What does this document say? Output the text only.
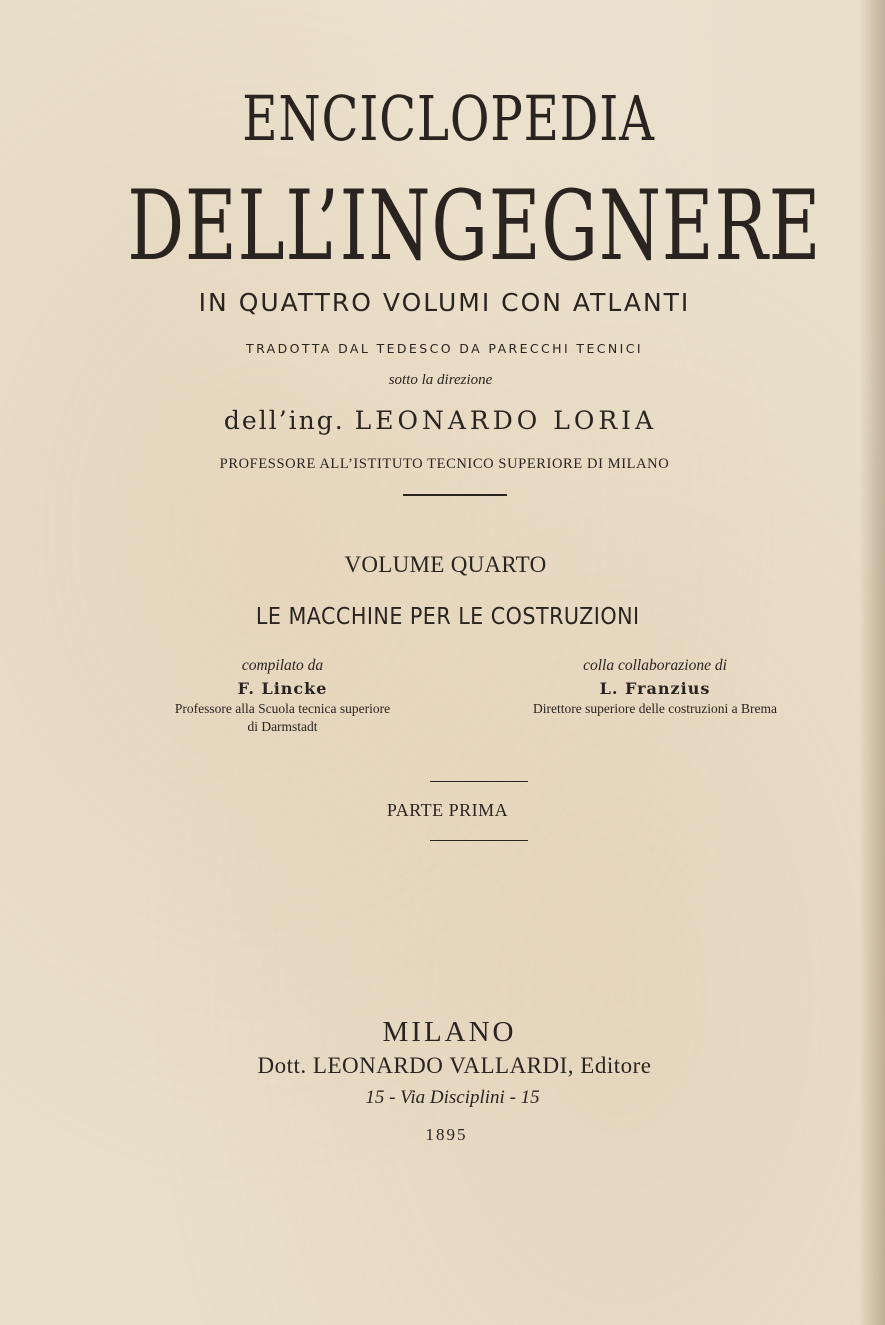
ENCICLOPEDIA
DELL’INGEGNERE
IN QUATTRO VOLUMI CON ATLANTI
TRADOTTA DAL TEDESCO DA PARECCHI TECNICI
sotto la direzione
dell’ing. LEONARDO LORIA
PROFESSORE ALL’ISTITUTO TECNICO SUPERIORE DI MILANO
VOLUME QUARTO
LE MACCHINE PER LE COSTRUZIONI
compilato da
F. Lincke
Professore alla Scuola tecnica superiore
di Darmstadt
colla collaborazione di
L. Franzius
Direttore superiore delle costruzioni a Brema
PARTE PRIMA
MILANO
Dott. LEONARDO VALLARDI, Editore
15 - Via Disciplini - 15
1895
